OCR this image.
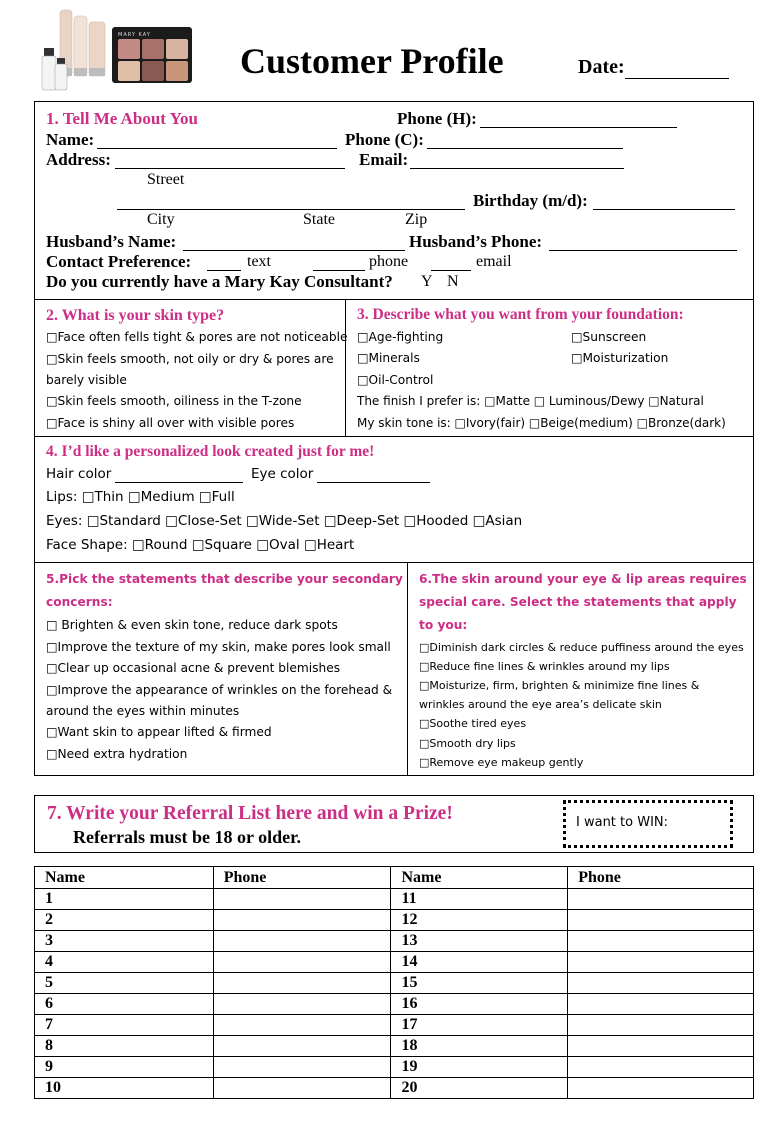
MARY KAY
Customer Profile	Date:
1. Tell Me About You	Phone (H):
Name:	Phone (C):
Address:	Email:
Street
Birthday (m/d):
City	State	Zip
Husband’s Name:	Husband’s Phone:
Contact Preference:	text	phone	email
Do you currently have a Mary Kay Consultant? Y N
2. What is your skin type?
□Face often fells tight & pores are not noticeable
□Skin feels smooth, not oily or dry & pores are
barely visible
□Skin feels smooth, oiliness in the T-zone
□Face is shiny all over with visible pores
3. Describe what you want from your foundation:
□Age-fighting	□Sunscreen
□Minerals	□Moisturization
□Oil-Control
The finish I prefer is: □Matte □ Luminous/Dewy □Natural
My skin tone is: □Ivory(fair) □Beige(medium) □Bronze(dark)
4. I’d like a personalized look created just for me!
Hair color	Eye color
Lips: □Thin □Medium □Full
Eyes: □Standard □Close-Set □Wide-Set □Deep-Set □Hooded □Asian
Face Shape: □Round □Square □Oval □Heart
5.Pick the statements that describe your secondary
concerns:
□ Brighten & even skin tone, reduce dark spots
□Improve the texture of my skin, make pores look small
□Clear up occasional acne & prevent blemishes
□Improve the appearance of wrinkles on the forehead &
around the eyes within minutes
□Want skin to appear lifted & firmed
□Need extra hydration
6.The skin around your eye & lip areas requires
special care. Select the statements that apply
to you:
□Diminish dark circles & reduce puffiness around the eyes
□Reduce fine lines & wrinkles around my lips
□Moisturize, firm, brighten & minimize fine lines &
wrinkles around the eye area’s delicate skin
□Soothe tired eyes
□Smooth dry lips
□Remove eye makeup gently
7. Write your Referral List here and win a Prize!
Referrals must be 18 or older.
I want to WIN:
Name	Phone	Name	Phone
1		11	
2		12	
3		13	
4		14	
5		15	
6		16	
7		17	
8		18	
9		19	
10		20	
